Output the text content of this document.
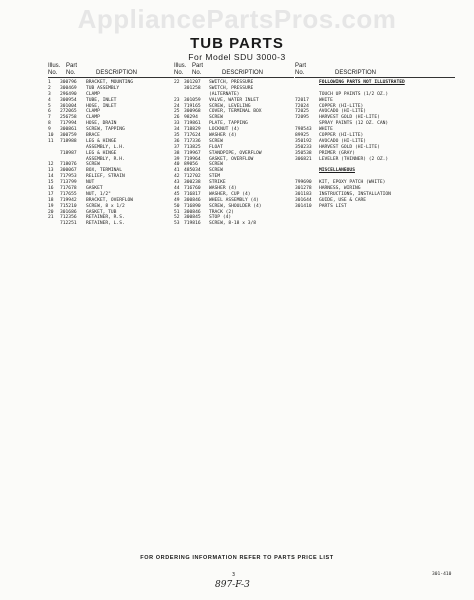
AppliancePartsPros.com
TUB PARTS
For Model SDU 3000-3
Illus. Part
No. No.	DESCRIPTION
1 300796 BRACKET, MOUNTING
2 300469 TUB ASSEMBLY
3 296490 CLAMP
4 300954 TUBE, INLET
5 301004 HOSE, INLET
6 272065 CLAMP
7 256758 CLAMP
8 717994 HOSE, DRAIN
9 300861 SCREW, TAPPING
10 300759 BRACE
11 718988 LEG & HINGE
ASSEMBLY, L.H.
718987 LEG & HINGE
ASSEMBLY, R.H.
12 718076 SCREW
13 300067 BOX, TERMINAL
14 717953 RELIEF, STRAIN
15 713799 NUT
16 717678 GASKET
17 717655 NUT, 1/2"
18 719942 BRACKET, OVERFLOW
19 715210 SCREW, 8 x 1/2
20 301686 GASKET, TUB
21 712356 RETAINER, R.S.
712251 RETAINER, L.S.
Illus. Part
No. No.	DESCRIPTION
22 301207 SWITCH, PRESSURE
301258 SWITCH, PRESSURE
(ALTERNATE)
23 301059 VALVE, WATER INLET
24 719165 SCREW, LEVELING
25 300968 COVER, TERMINAL BOX
26 98294 SCREW
33 719861 PLATE, TAPPING
34 718829 LOCKNUT (4)
35 717624 WASHER (4)
36 717336 SCREW
37 713825 FLOAT
38 719967 STANDPIPE, OVERFLOW
39 719964 GASKET, OVERFLOW
40 89056 SCREW
41 485034 SCREW
42 712702 STEM
43 300238 STRIKE
44 716760 WASHER (4)
45 716817 WASHER, CUP (4)
49 300846 WHEEL ASSEMBLY (4)
50 716890 SCREW, SHOULDER (4)
51 300846 TRACK (2)
52 300845 STOP (4)
53 719816 SCREW, 8-18 x 3/8
Part
No.	DESCRIPTION
FOLLOWING PARTS NOT ILLUSTRATED
TOUCH UP PAINTS (1/2 OZ.)
72017 WHITE
72024 COPPER (HI-LITE)
72025 AVOCADO (HI-LITE)
72095 HARVEST GOLD (HI-LITE)
SPRAY PAINTS (12 OZ. CAN)
798543 WHITE
89925 COPPER (HI-LITE)
350192 AVOCADO (HI-LITE)
350233 HARVEST GOLD (HI-LITE)
350538 PRIMER (GRAY)
306821 LEVELER (THINNER) (2 OZ.)
MISCELLANEOUS
799690 KIT, EPOXY PATCH (WHITE)
301278 HARNESS, WIRING
301183 INSTRUCTIONS, INSTALLATION
301644 GUIDE, USE & CARE
301410 PARTS LIST
FOR ORDERING INFORMATION REFER TO PARTS PRICE LIST
3	301-410
897-F-3
